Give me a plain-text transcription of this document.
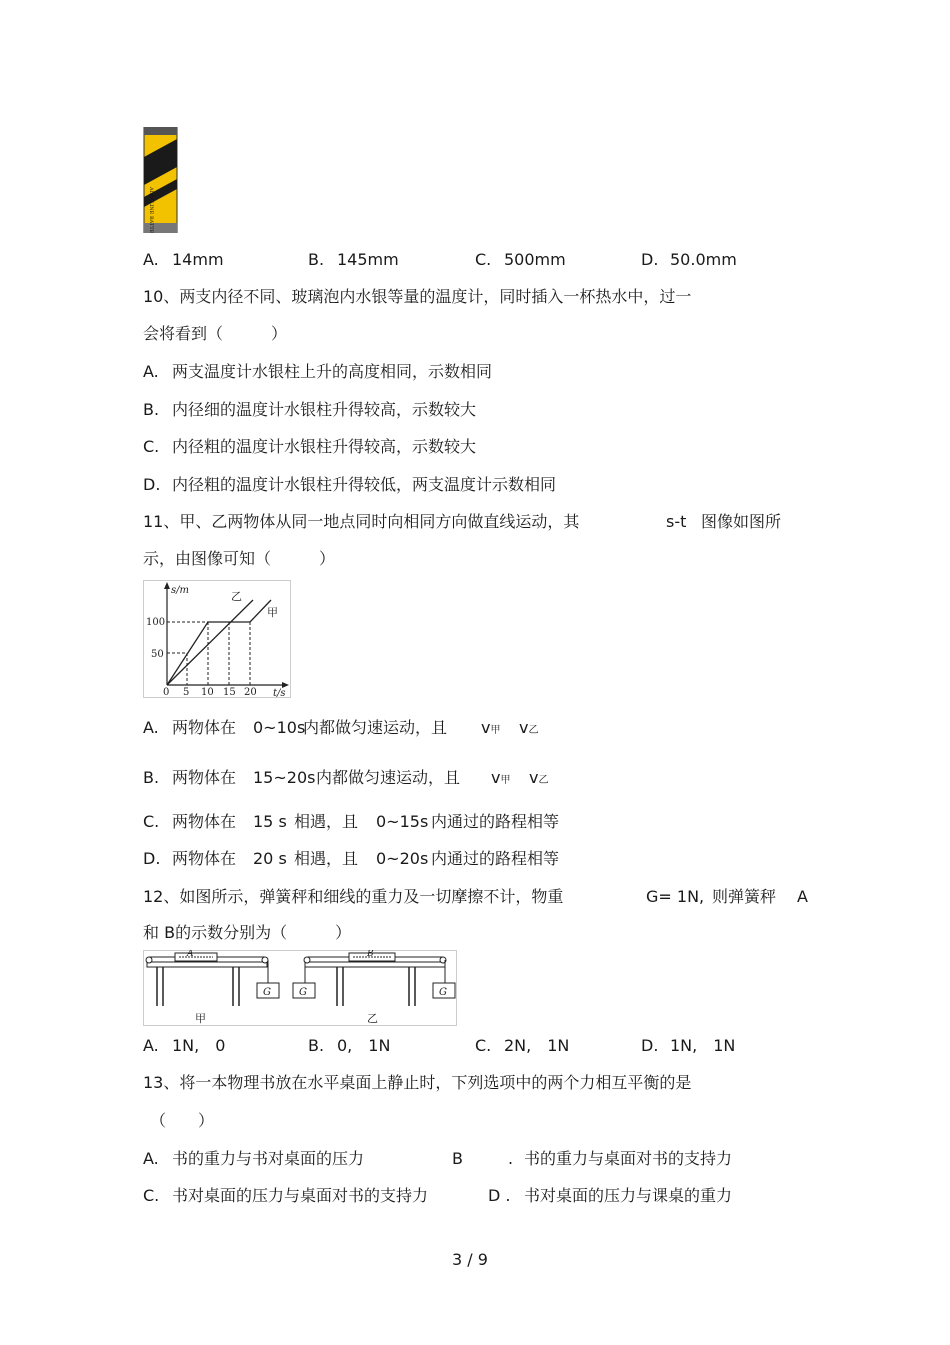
ALKALINE BATTERY
A. 14mm	B. 145mm	C. 500mm	D. 50.0mm
10、两支内径不同、玻璃泡内水银等量的温度计，同时插入一杯热水中，过一
会将看到（　　　）
A. 两支温度计水银柱上升的高度相同，示数相同
B. 内径细的温度计水银柱升得较高，示数较大
C. 内径粗的温度计水银柱升得较高，示数较大
D. 内径粗的温度计水银柱升得较低，两支温度计示数相同
11、甲、乙两物体从同一地点同时向相同方向做直线运动，其	s-t 图像如图所
示，由图像可知（　　　）
s/m
t/s
100
50
0 5 10 15 20
乙
甲
A. 两物体在 0~10s
内都做匀速运动，且 v甲 v乙
B. 两物体在 15~20s 内都做匀速运动，且 v甲 v乙
C. 两物体在 15 s 相遇，且 0~15s 内通过的路程相等
D. 两物体在 20 s 相遇，且 0~20s 内通过的路程相等
12、如图所示，弹簧秤和细线的重力及一切摩擦不计，物重	G= 1N, 则弹簧秤 A
和 B的示数分别为（　　　）
A
G
甲
G
B
G
乙
A. 1N,　0	B. 0,　1N	C. 2N,　1N	D. 1N,　1N
13、将一本物理书放在水平桌面上静止时，下列选项中的两个力相互平衡的是
（　　）
A. 书的重力与书对桌面的压力	B	. 书的重力与桌面对书的支持力
C. 书对桌面的压力与桌面对书的支持力	D . 书对桌面的压力与课桌的重力
3 / 9
